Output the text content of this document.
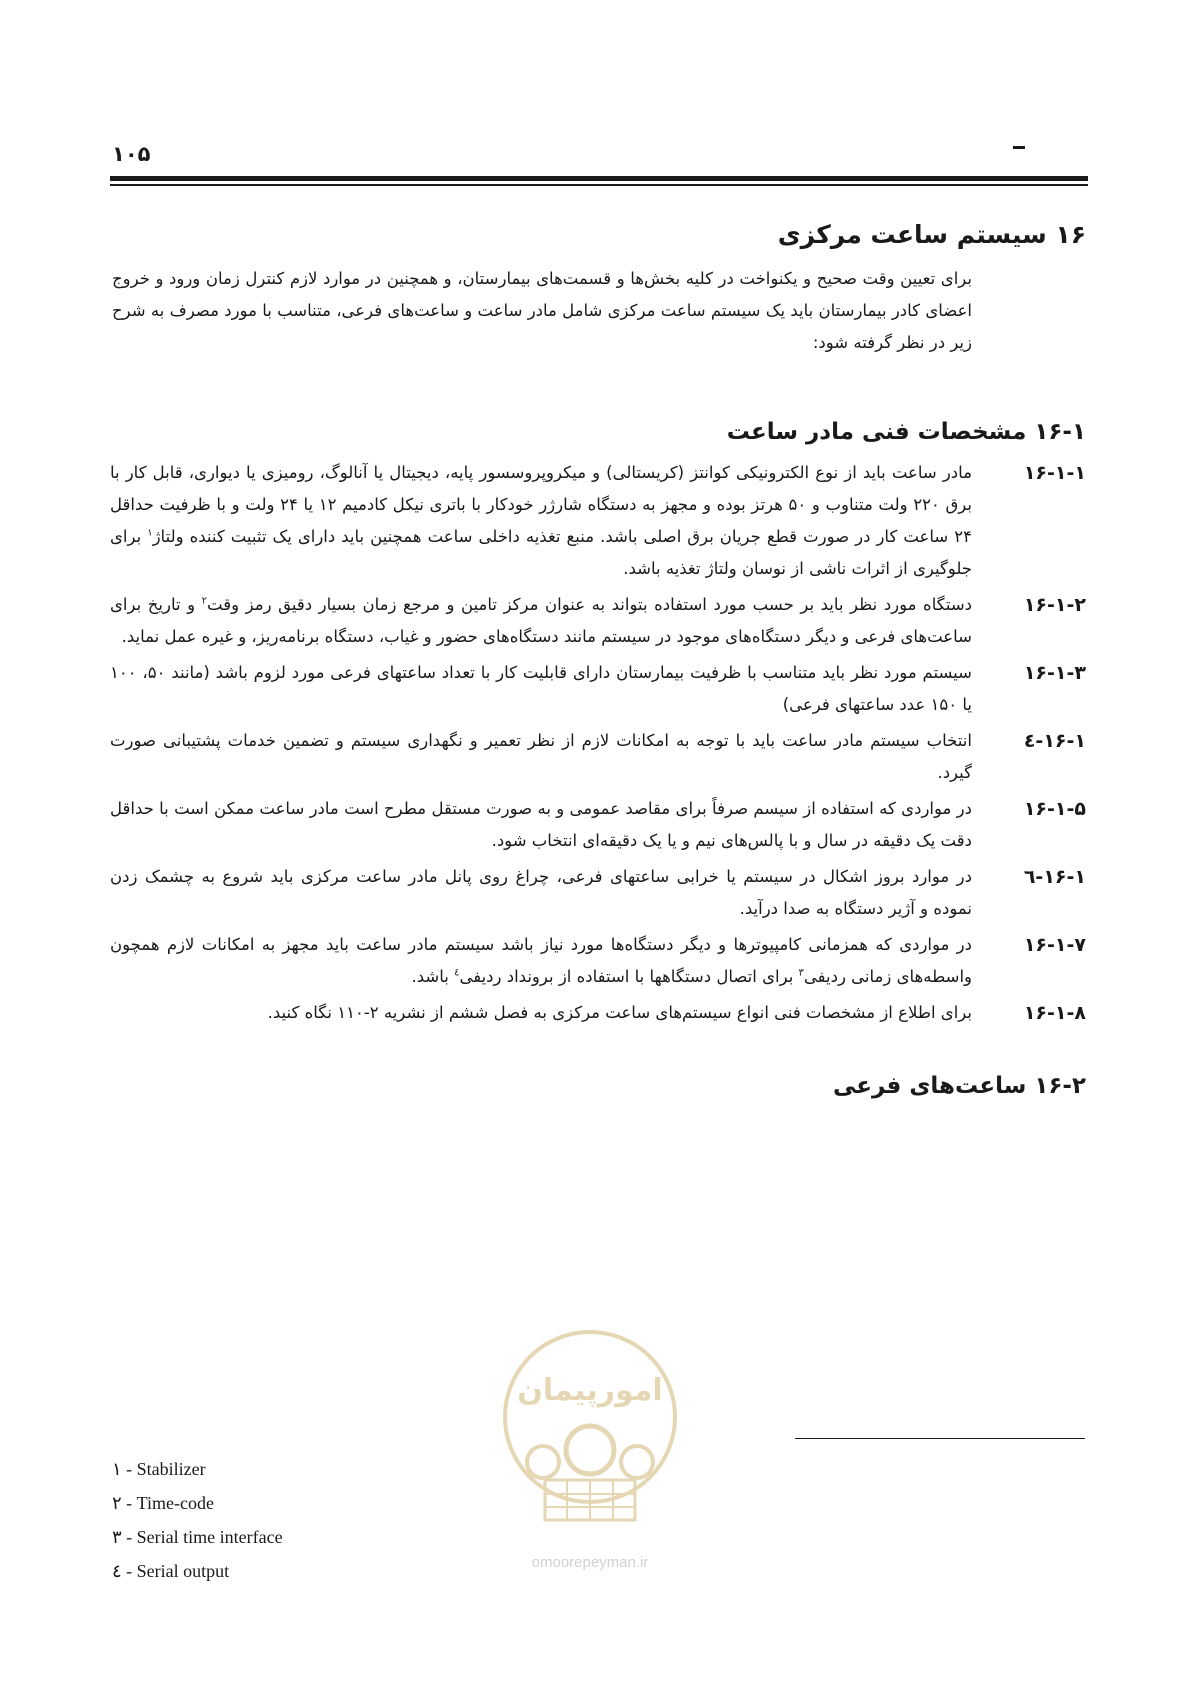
۱۰۵
۱۶ سیستم ساعت مرکزی

برای تعیین وقت صحیح و یکنواخت در کلیه بخش‌ها و قسمت‌های بیمارستان، و همچنین در موارد لازم کنترل زمان ورود و خروج اعضای کادر بیمارستان باید یک سیستم ساعت مرکزی شامل مادر ساعت و ساعت‌های فرعی، متناسب با مورد مصرف به شرح زیر در نظر گرفته شود:

۱۶-۱ مشخصات فنی مادر ساعت
۱۶-۱-۱
مادر ساعت باید از نوع الکترونیکی کوانتز (کریستالی) و میکروپروسسور پایه، دیجیتال یا آنالوگ، رومیزی یا دیواری، قابل کار با برق ۲۲۰ ولت متناوب و ۵۰ هرتز بوده و مجهز به دستگاه شارژر خودکار با باتری نیکل کادمیم ۱۲ یا ۲۴ ولت و با ظرفیت حداقل ۲۴ ساعت کار در صورت قطع جریان برق اصلی باشد. منبع تغذیه داخلی ساعت همچنین باید دارای یک تثبیت کننده ولتاژ$^۱$ برای جلوگیری از اثرات ناشی از نوسان ولتاژ تغذیه باشد.
۱۶-۱-۲
دستگاه مورد نظر باید بر حسب مورد استفاده بتواند به عنوان مرکز تامین و مرجع زمان بسیار دقیق رمز وقت$^۲$ و تاریخ برای ساعت‌های فرعی و دیگر دستگاه‌های موجود در سیستم مانند دستگاه‌های حضور و غیاب، دستگاه برنامه‌ریز، و غیره عمل نماید.
۱۶-۱-۳
سیستم مورد نظر باید متناسب با ظرفیت بیمارستان دارای قابلیت کار با تعداد ساعتهای فرعی مورد لزوم باشد (مانند ۵۰، ۱۰۰ یا ۱۵۰ عدد ساعتهای فرعی)
۱۶-۱-٤
انتخاب سیستم مادر ساعت باید با توجه به امکانات لازم از نظر تعمیر و نگهداری سیستم و تضمین خدمات پشتیبانی صورت گیرد.
۱۶-۱-۵
در مواردی که استفاده از سیسم صرفاً برای مقاصد عمومی و به صورت مستقل مطرح است مادر ساعت ممکن است با حداقل دقت یک دقیقه در سال و با پالس‌های نیم و یا یک دقیقه‌ای انتخاب شود.
۱۶-۱-٦
در موارد بروز اشکال در سیستم یا خرابی ساعتهای فرعی، چراغ روی پانل مادر ساعت مرکزی باید شروع به چشمک زدن نموده و آژیر دستگاه به صدا درآید.
۱۶-۱-۷
در مواردی که همزمانی کامپیوترها و دیگر دستگاه‌ها مورد نیاز باشد سیستم مادر ساعت باید مجهز به امکانات لازم همچون واسطه‌های زمانی ردیفی$^۳$ برای اتصال دستگاهها با استفاده از برونداد ردیفی$^٤$ باشد.
۱۶-۱-۸
برای اطلاع از مشخصات فنی انواع سیستم‌های ساعت مرکزی به فصل ششم از نشریه ۲-۱۱۰ نگاه کنید.
۱۶-۲ ساعت‌های فرعی
امورپیمان
omoorepeyman.ir
۱ - Stabilizer
۲ - Time-code
۳ - Serial time interface
٤ - Serial output
